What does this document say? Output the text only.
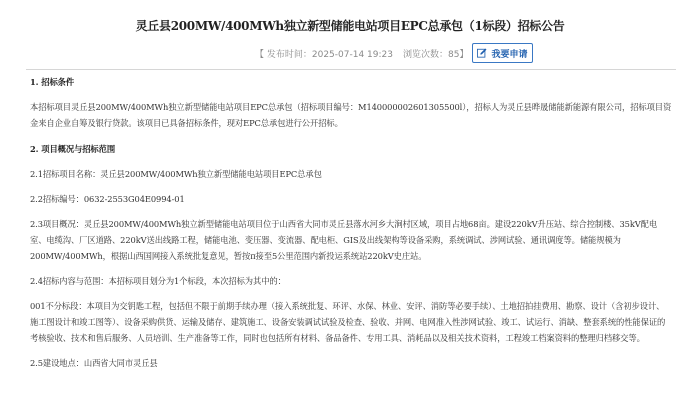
灵丘县200MW/400MWh独立新型储能电站项目EPC总承包（1标段）招标公告
【 发布时间：2025-07-14 19:23 浏览次数：85】	我要申请

1. 招标条件

本招标项目灵丘县200MW/400MWh独立新型储能电站项目EPC总承包（招标项目编号：M140000002601305500l），招标人为灵丘县晔晟储能新能源有限公司，招标项目资金来自企业自筹及银行贷款。该项目已具备招标条件，现对EPC总承包进行公开招标。

2. 项目概况与招标范围

2.1招标项目名称：灵丘县200MW/400MWh独立新型储能电站项目EPC总承包

2.2招标编号：0632-2553G04E0994-01

2.3项目概况：灵丘县200MW/400MWh独立新型储能电站项目位于山西省大同市灵丘县落水河乡大涧村区域，项目占地68亩。建设220kV升压站、综合控制楼、35kV配电室、电缆沟、厂区道路、220kV送出线路工程，储能电池、变压器、变流器、配电柜、GIS及出线架构等设备采购，系统调试、涉网试验、通讯调度等。储能规模为200MW/400MWh，根据山西国网接入系统批复意见，暂按π接至5公里范围内新投运系统站220kV史庄站。

2.4招标内容与范围：本招标项目划分为1个标段，本次招标为其中的：

001不分标段：本项目为交钥匙工程，包括但不限于前期手续办理（接入系统批复、环评、水保、林业、安评、消防等必要手续）、土地招拍挂费用、勘察、设计（含初步设计、施工图设计和竣工图等）、设备采购供货、运输及储存、建筑施工、设备安装调试试验及检查、验收、并网、电网准入性涉网试验、竣工、试运行、消缺、整套系统的性能保证的考核验收、技术和售后服务、人员培训、生产准备等工作，同时也包括所有材料、备品备件、专用工具、消耗品以及相关技术资料，工程竣工档案资料的整理归档移交等。

2.5建设地点：山西省大同市灵丘县
